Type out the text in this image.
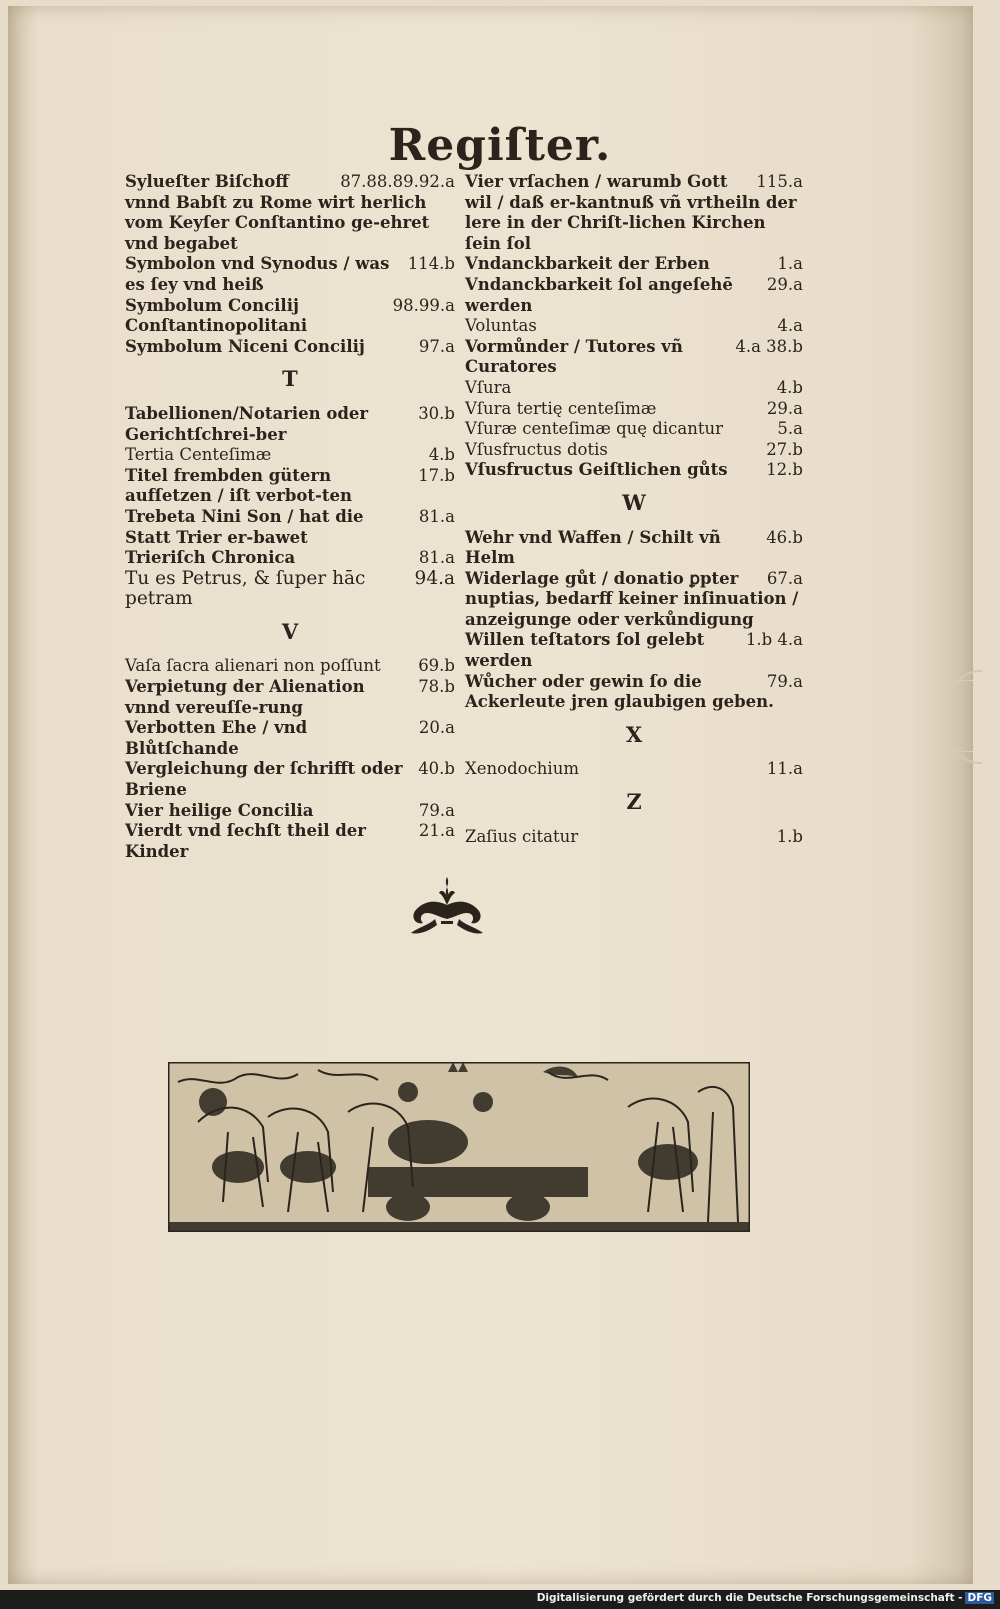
Regiſter.
87.88.89.92.a
Sylueſter Biſchoff vnnd Babſt zu Rome wirt herlich vom Keyſer Conſtantino ge-ehret vnd begabet
114.b
Symbolon vnd Synodus / was es ſey vnd heiß
98.99.a
Symbolum Concilij Conſtantinopolitani
97.a
Symbolum Niceni Concilij
T
30.b
Tabellionen/Notarien oder Gerichtſchrei-ber
4.b
Tertia Centeſimæ
17.b
Titel frembden gütern aufſetzen / iſt verbot-ten
81.a
Trebeta Nini Son / hat die Statt Trier er-bawet
81.a
Trieriſch Chronica
94.a
Tu es Petrus, & ſuper hāc petram
V
69.b
Vaſa ſacra alienari non poſſunt
78.b
Verpietung der Alienation vnnd vereuſſe-rung
20.a
Verbotten Ehe / vnd Blůtſchande
40.b
Vergleichung der ſchrifft oder Briene
79.a
Vier heilige Concilia
21.a
Vierdt vnd ſechſt theil der Kinder
115.a
Vier vrſachen / warumb Gott wil / daß er-kantnuß vñ vrtheiln der lere in der Chriſt-lichen Kirchen ſein ſol
1.a
Vndanckbarkeit der Erben
29.a
Vndanckbarkeit ſol angeſehē werden
4.a
Voluntas
4.a 38.b
Vormůnder / Tutores vñ Curatores
4.b
Vſura
29.a
Vſura tertię centeſimæ
5.a
Vſuræ centeſimæ quę dicantur
27.b
Vſusfructus dotis
12.b
Vſusfructus Geiſtlichen gůts
W
46.b
Wehr vnd Waffen / Schilt vñ Helm
67.a
Widerlage gůt / donatio ꝑpter nuptias, bedarff keiner inſinuation / anzeigunge oder verkůndigung
1.b 4.a
Willen teſtators ſol gelebt werden
79.a
Wůcher oder gewin ſo die Ackerleute jren glaubigen geben.
X
11.a
Xenodochium
Z
1.b
Zaſius citatur
Digitalisierung gefördert durch die Deutsche Forschungsgemeinschaft - DFG
